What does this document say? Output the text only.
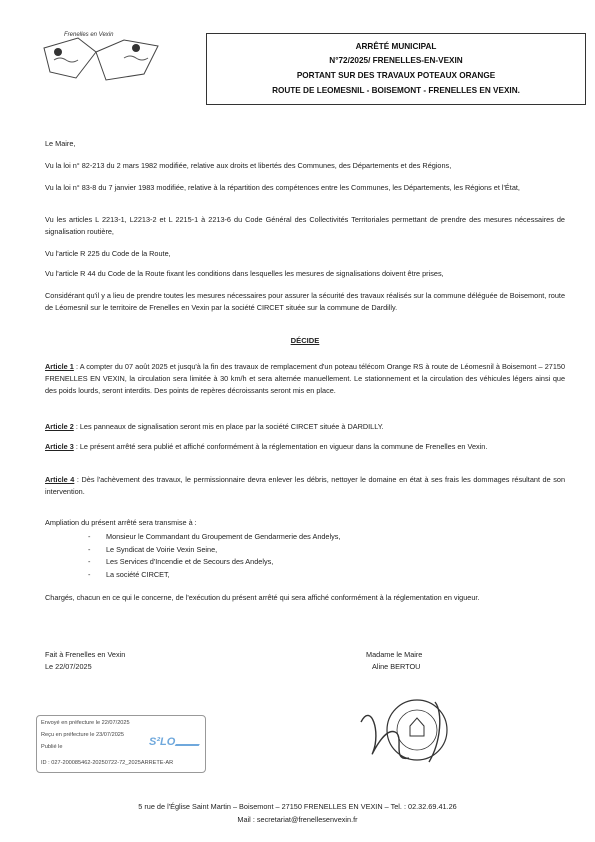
Frenelles en Vexin
ARRÊTÉ MUNICIPAL
N°72/2025/ FRENELLES-EN-VEXIN
PORTANT SUR DES TRAVAUX POTEAUX ORANGE
ROUTE DE LEOMESNIL - BOISEMONT - FRENELLES EN VEXIN.
Le Maire,
Vu la loi n° 82-213 du 2 mars 1982 modifiée, relative aux droits et libertés des Communes, des Départements et des Régions,
Vu la loi n° 83-8 du 7 janvier 1983 modifiée, relative à la répartition des compétences entre les Communes, les Départements, les Régions et l'État,
Vu les articles L 2213-1, L2213-2 et L 2215-1 à 2213-6 du Code Général des Collectivités Territoriales permettant de prendre des mesures nécessaires de signalisation routière,
Vu l'article R 225 du Code de la Route,
Vu l'article R 44 du Code de la Route fixant les conditions dans lesquelles les mesures de signalisations doivent être prises,
Considérant qu'il y a lieu de prendre toutes les mesures nécessaires pour assurer la sécurité des travaux réalisés sur la commune déléguée de Boisemont, route de Léomesnil sur le territoire de Frenelles en Vexin par la société CIRCET située sur la commune de Dardilly.
DÉCIDE
Article 1 : A compter du 07 août 2025 et jusqu'à la fin des travaux de remplacement d'un poteau télécom Orange RS à route de Léomesnil à Boisemont – 27150 FRENELLES EN VEXIN, la circulation sera limitée à 30 km/h et sera alternée manuellement. Le stationnement et la circulation des véhicules légers ainsi que des poids lourds, seront interdits. Des points de repères décroissants seront mis en place.
Article 2 : Les panneaux de signalisation seront mis en place par la société CIRCET située à DARDILLY.
Article 3 : Le présent arrêté sera publié et affiché conformément à la réglementation en vigueur dans la commune de Frenelles en Vexin.
Article 4 : Dès l'achèvement des travaux, le permissionnaire devra enlever les débris, nettoyer le domaine en état à ses frais les dommages résultant de son intervention.
Ampliation du présent arrêté sera transmise à :
- Monsieur le Commandant du Groupement de Gendarmerie des Andelys,
- Le Syndicat de Voirie Vexin Seine,
- Les Services d'Incendie et de Secours des Andelys,
- La société CIRCET,
Chargés, chacun en ce qui le concerne, de l'exécution du présent arrêté qui sera affiché conformément à la réglementation en vigueur.
Fait à Frenelles en Vexin
Le 22/07/2025
Madame le Maire
Aline BERTOU
Envoyé en préfecture le 22/07/2025
Reçu en préfecture le 23/07/2025
Publié le
ID : 027-200085462-20250722-72_2025ARRETE-AR
S²LO
5 rue de l'Église Saint Martin – Boisemont – 27150 FRENELLES EN VEXIN – Tel. : 02.32.69.41.26
Mail : secretariat@frenellesenvexin.fr
